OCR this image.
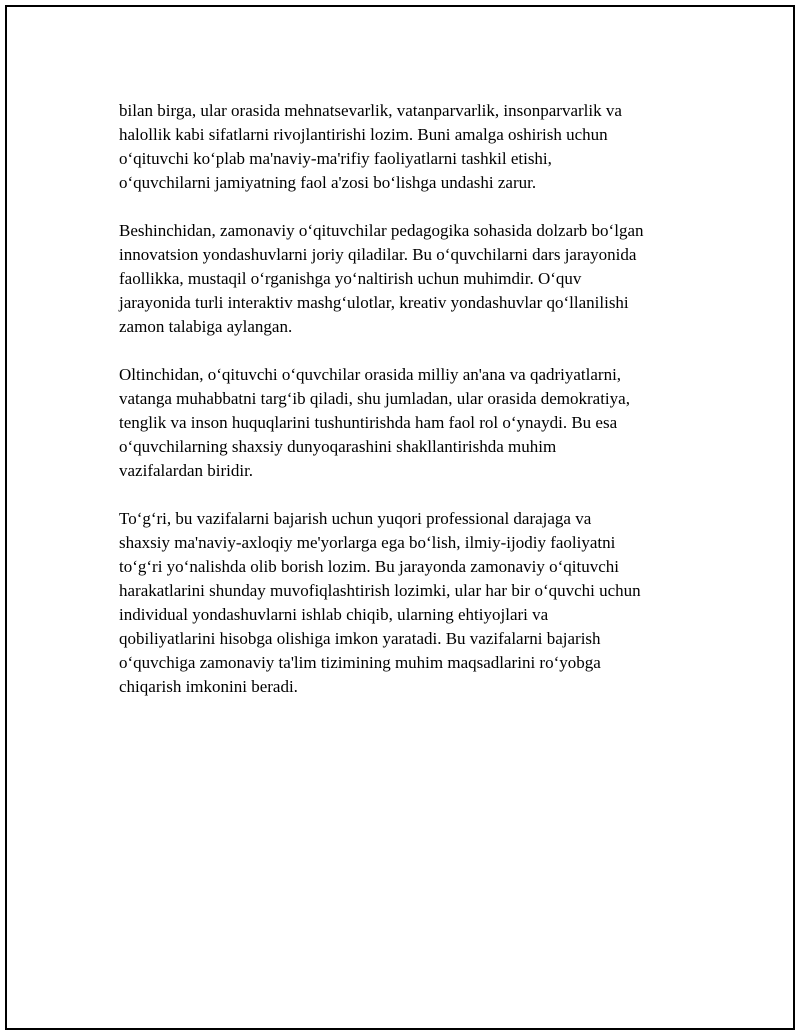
bilan birga, ular orasida mehnatsevarlik, vatanparvarlik, insonparvarlik va
halollik kabi sifatlarni rivojlantirishi lozim. Buni amalga oshirish uchun
o‘qituvchi ko‘plab ma'naviy-ma'rifiy faoliyatlarni tashkil etishi,
o‘quvchilarni jamiyatning faol a'zosi bo‘lishga undashi zarur.

Beshinchidan, zamonaviy o‘qituvchilar pedagogika sohasida dolzarb bo‘lgan
innovatsion yondashuvlarni joriy qiladilar. Bu o‘quvchilarni dars jarayonida
faollikka, mustaqil o‘rganishga yo‘naltirish uchun muhimdir. O‘quv
jarayonida turli interaktiv mashg‘ulotlar, kreativ yondashuvlar qo‘llanilishi
zamon talabiga aylangan.

Oltinchidan, o‘qituvchi o‘quvchilar orasida milliy an'ana va qadriyatlarni,
vatanga muhabbatni targ‘ib qiladi, shu jumladan, ular orasida demokratiya,
tenglik va inson huquqlarini tushuntirishda ham faol rol o‘ynaydi. Bu esa
o‘quvchilarning shaxsiy dunyoqarashini shakllantirishda muhim
vazifalardan biridir.

To‘g‘ri, bu vazifalarni bajarish uchun yuqori professional darajaga va
shaxsiy ma'naviy-axloqiy me'yorlarga ega bo‘lish, ilmiy-ijodiy faoliyatni
to‘g‘ri yo‘nalishda olib borish lozim. Bu jarayonda zamonaviy o‘qituvchi
harakatlarini shunday muvofiqlashtirish lozimki, ular har bir o‘quvchi uchun
individual yondashuvlarni ishlab chiqib, ularning ehtiyojlari va
qobiliyatlarini hisobga olishiga imkon yaratadi. Bu vazifalarni bajarish
o‘quvchiga zamonaviy ta'lim tizimining muhim maqsadlarini ro‘yobga
chiqarish imkonini beradi.
